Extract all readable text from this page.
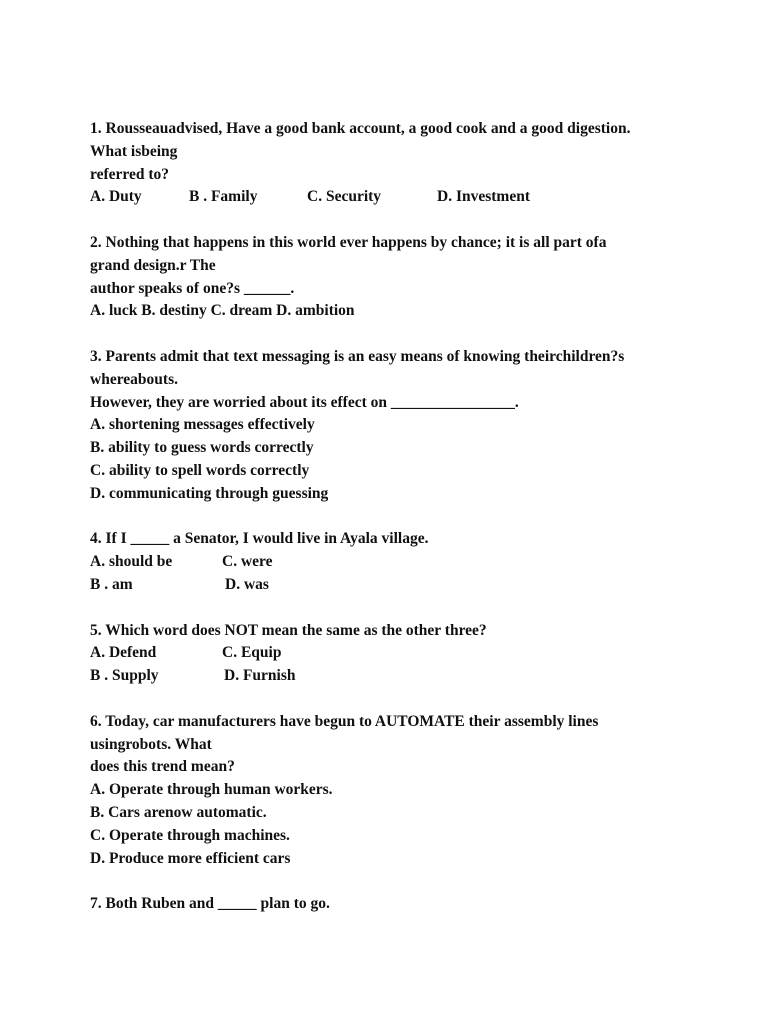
1. Rousseauadvised, Have a good bank account, a good cook and a good digestion.
What isbeing
referred to?

A. Duty

	B . Family

	C. Security

	D. Investment

2. Nothing that happens in this world ever happens by chance; it is all part ofa
grand design.r The
author speaks of one?s ______.
A. luck B. destiny C. dream D. ambition
3. Parents admit that text messaging is an easy means of knowing theirchildren?s
whereabouts.
However, they are worried about its effect on ________________.
A. shortening messages effectively
B. ability to guess words correctly
C. ability to spell words correctly
D. communicating through guessing
4. If I _____ a Senator, I would live in Ayala village.

A. should be

	C. were

B . am

	D. was

5. Which word does NOT mean the same as the other three?

A. Defend

	C. Equip

B . Supply

	D. Furnish

6. Today, car manufacturers have begun to AUTOMATE their assembly lines
usingrobots. What
does this trend mean?
A. Operate through human workers.
B. Cars arenow automatic.
C. Operate through machines.
D. Produce more efficient cars
7. Both Ruben and _____ plan to go.
